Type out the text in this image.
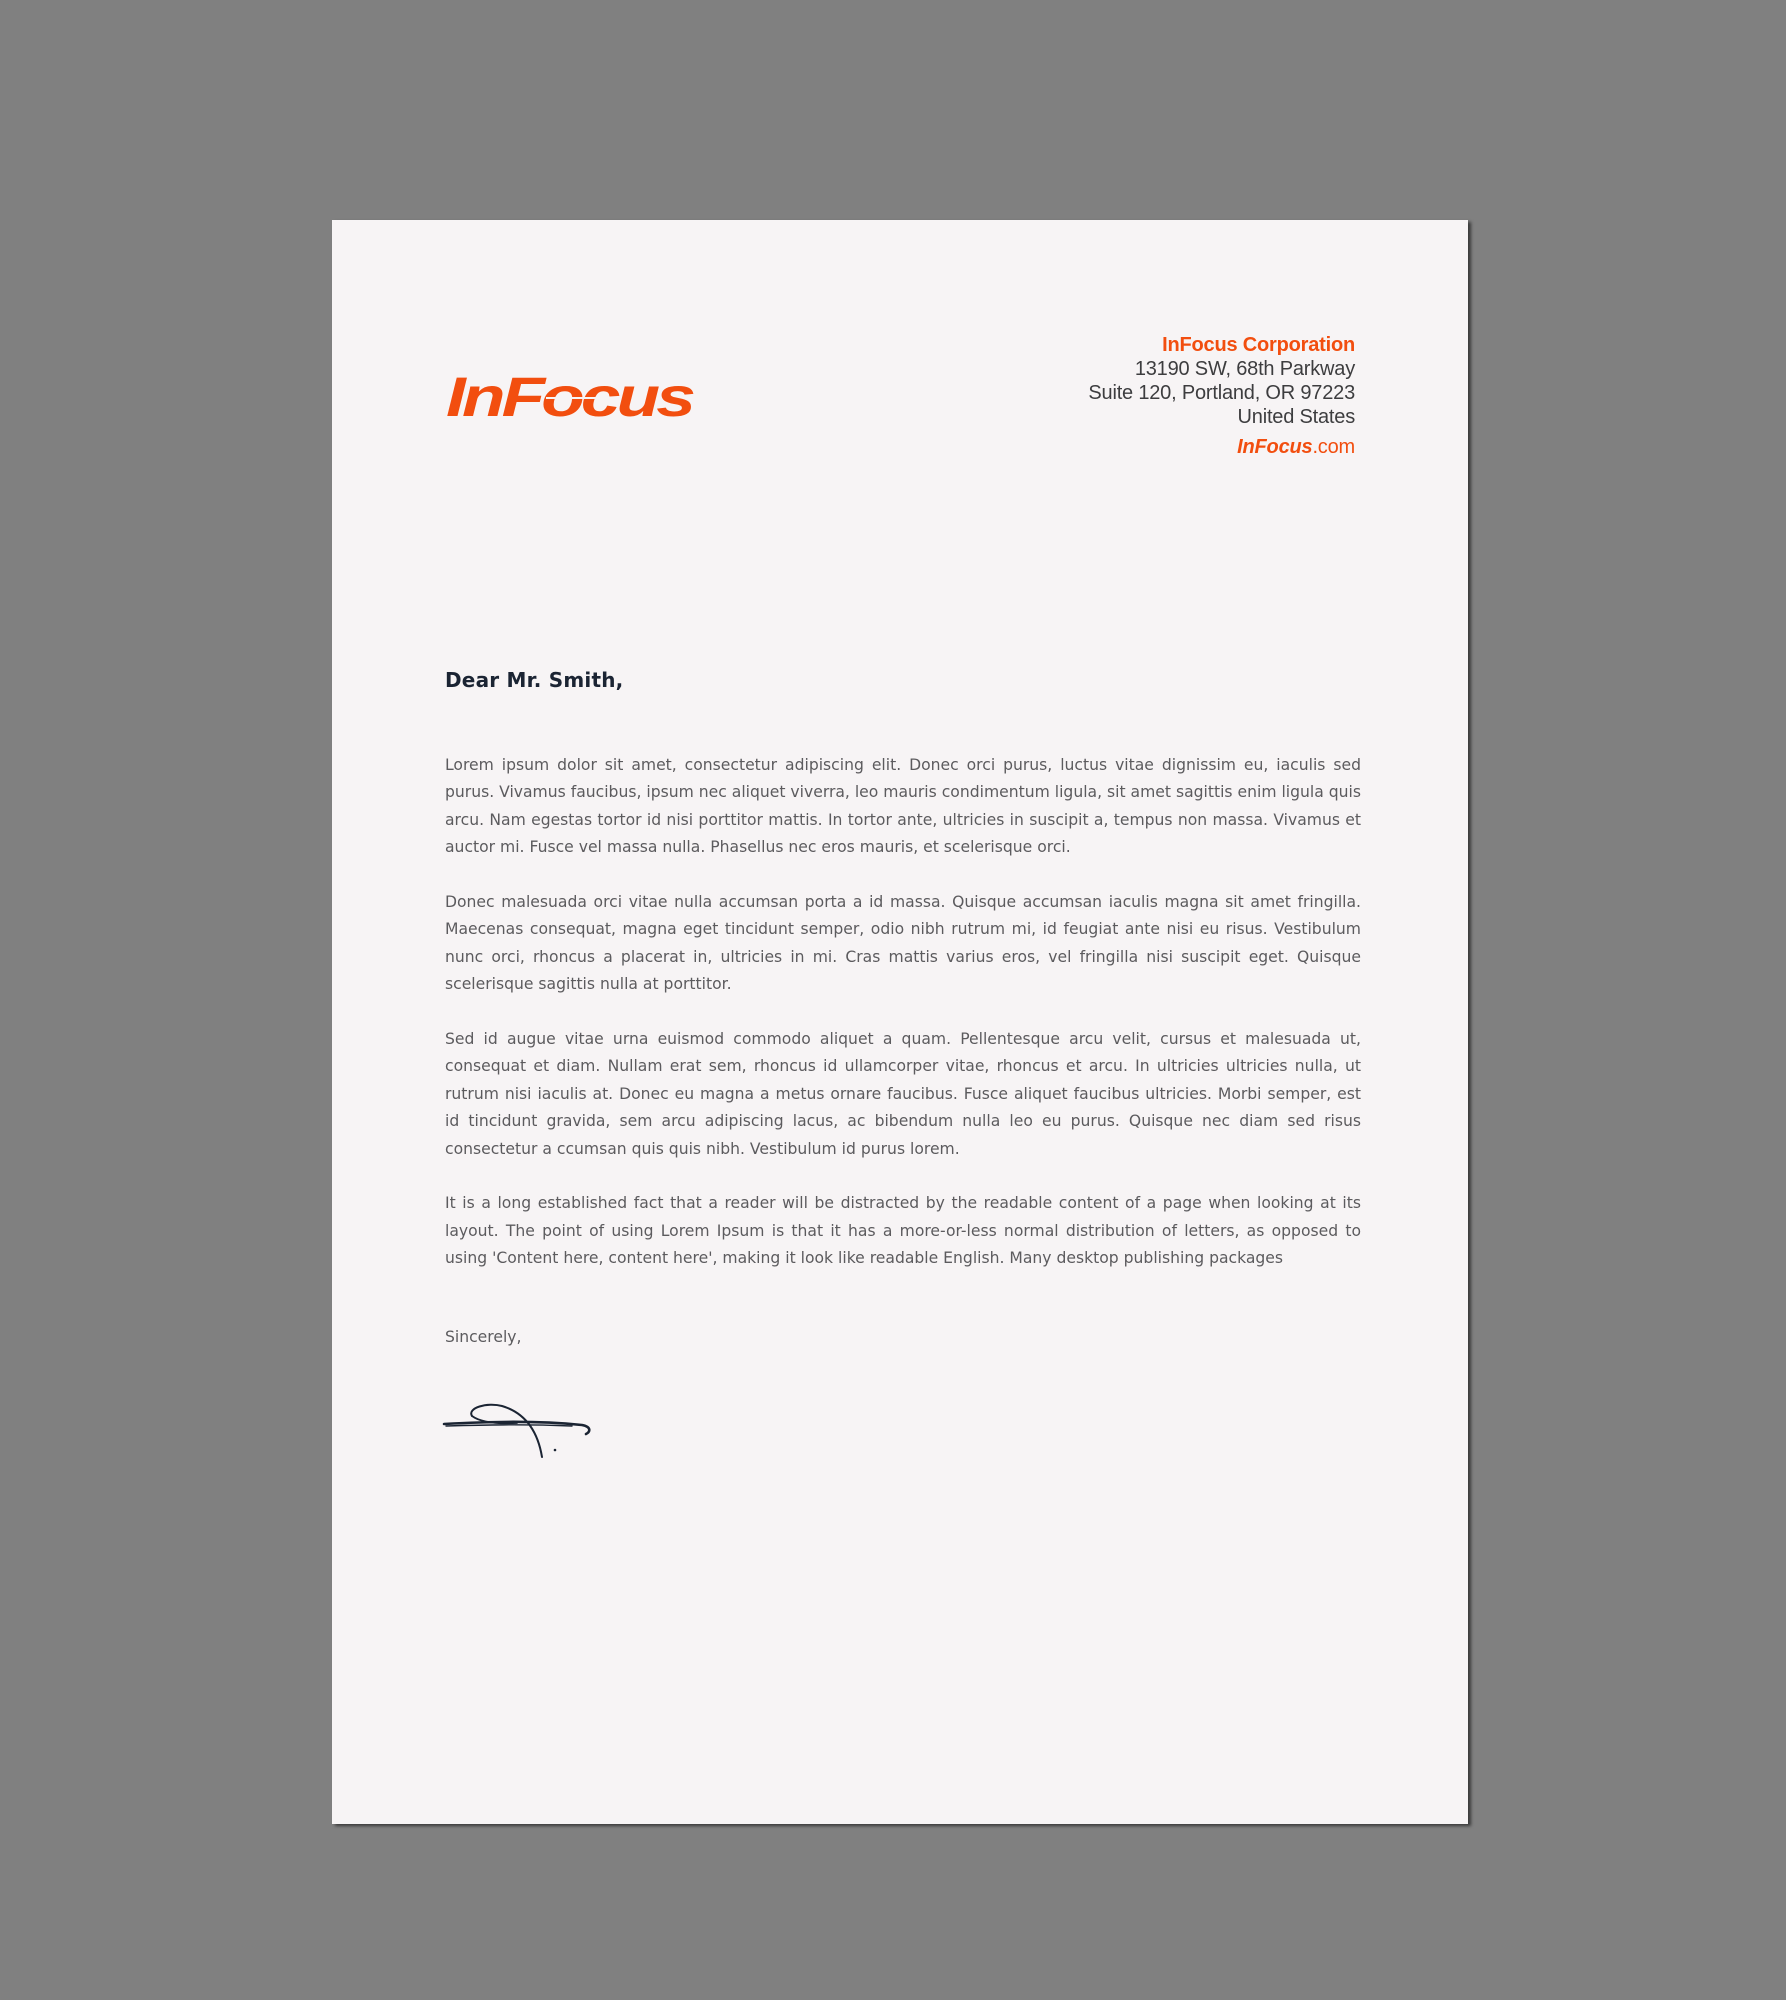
InFocus
InFocus Corporation
13190 SW, 68th Parkway
Suite 120, Portland, OR 97223
United States
InFocus.com
Dear Mr. Smith,

Lorem ipsum dolor sit amet, consectetur adipiscing elit. Donec orci purus, luctus vitae dignissim eu, iaculis sed purus. Vivamus faucibus, ipsum nec aliquet viverra, leo mauris condimentum ligula, sit amet sagittis enim ligula quis arcu. Nam egestas tortor id nisi porttitor mattis. In tortor ante, ultricies in suscipit a, tempus non massa. Vivamus et auctor mi. Fusce vel massa nulla. Phasellus nec eros mauris, et scelerisque orci.

Donec malesuada orci vitae nulla accumsan porta a id massa. Quisque accumsan iaculis magna sit amet fringilla. Maecenas consequat, magna eget tincidunt semper, odio nibh rutrum mi, id feugiat ante nisi eu risus. Vestibulum nunc orci, rhoncus a placerat in, ultricies in mi. Cras mattis varius eros, vel fringilla nisi suscipit eget. Quisque scelerisque sagittis nulla at porttitor.

Sed id augue vitae urna euismod commodo aliquet a quam. Pellentesque arcu velit, cursus et malesuada ut, consequat et diam. Nullam erat sem, rhoncus id ullamcorper vitae, rhoncus et arcu. In ultricies ultricies nulla, ut rutrum nisi iaculis at. Donec eu magna a metus ornare faucibus. Fusce aliquet faucibus ultricies. Morbi semper, est id tincidunt gravida, sem arcu adipiscing lacus, ac bibendum nulla leo eu purus. Quisque nec diam sed risus consectetur a ccumsan quis quis nibh. Vestibulum id purus lorem.

It is a long established fact that a reader will be distracted by the readable content of a page when looking at its layout. The point of using Lorem Ipsum is that it has a more-or-less normal distribution of letters, as opposed to using 'Content here, content here', making it look like readable English. Many desktop publishing packages

Sincerely,
